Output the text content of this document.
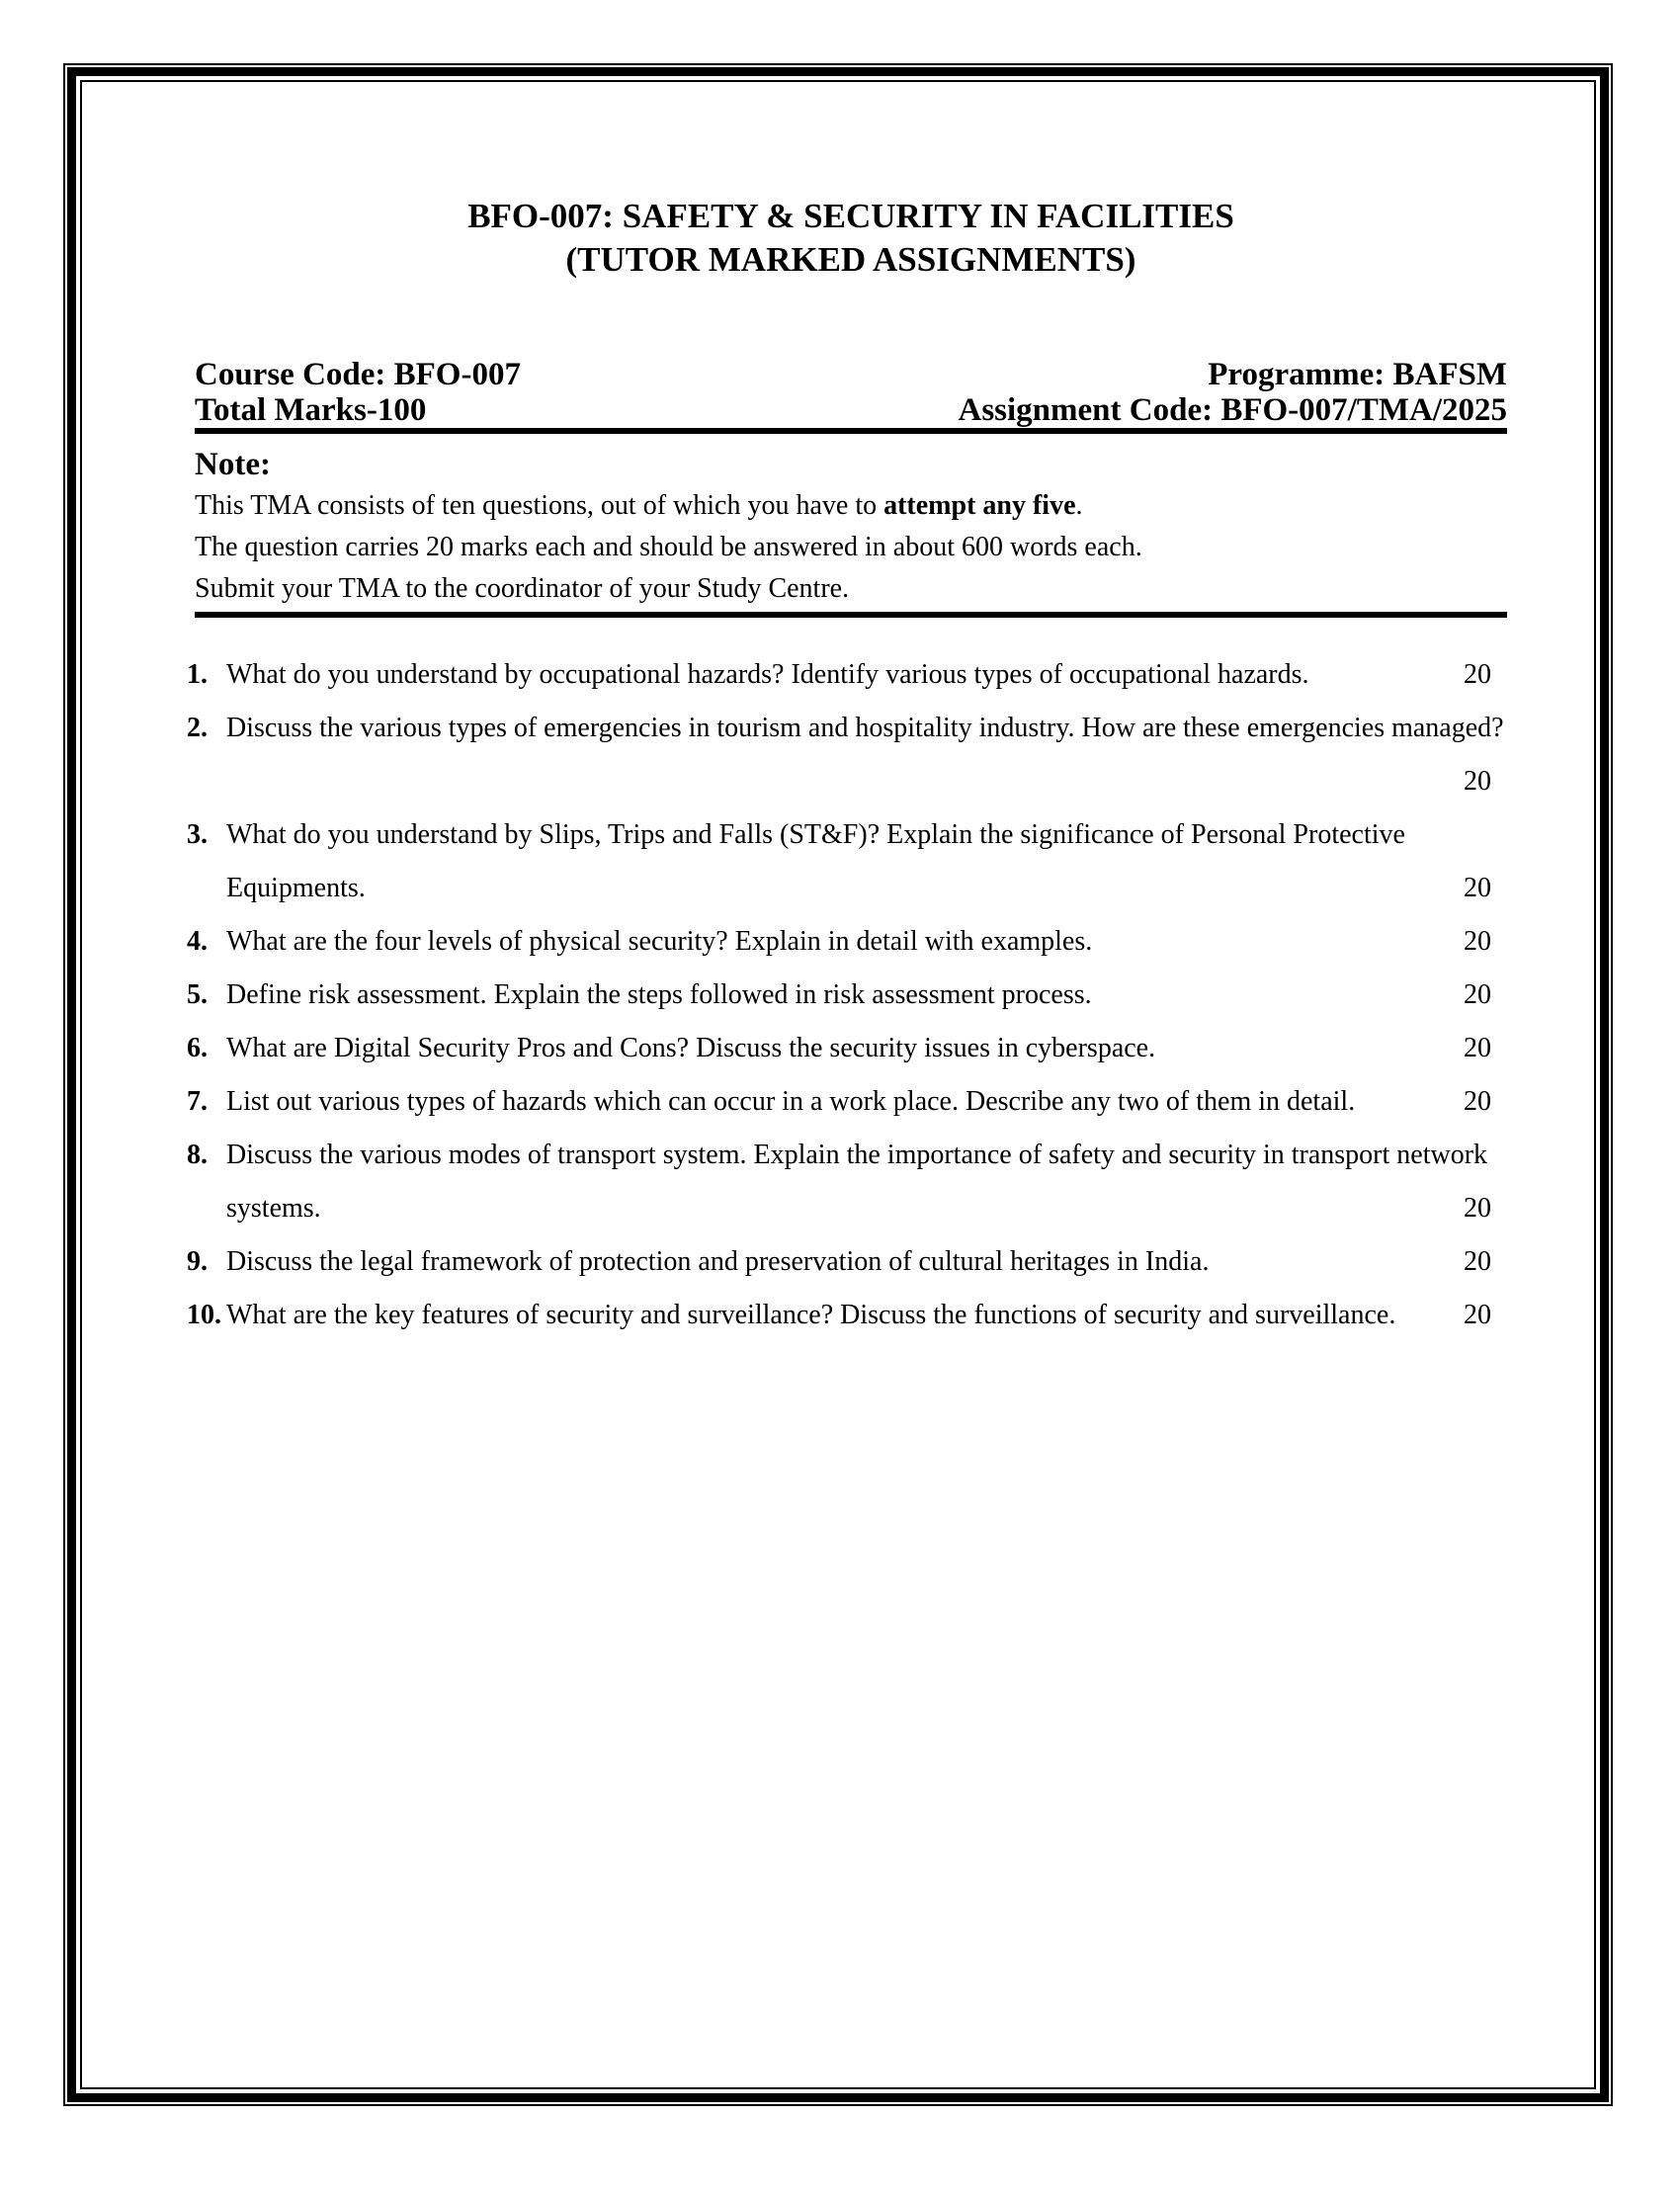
BFO-007: SAFETY & SECURITY IN FACILITIES
(TUTOR MARKED ASSIGNMENTS)
Course Code: BFO-007	Programme: BAFSM
Total Marks-100	Assignment Code: BFO-007/TMA/2025
Note:
This TMA consists of ten questions, out of which you have to attempt any five.
The question carries 20 marks each and should be answered in about 600 words each.
Submit your TMA to the coordinator of your Study Centre.
1. What do you understand by occupational hazards? Identify various types of occupational hazards.	20
2. Discuss the various types of emergencies in tourism and hospitality industry. How are these emergencies managed?
20
3. What do you understand by Slips, Trips and Falls (ST&F)? Explain the significance of Personal Protective Equipments.	20
4. What are the four levels of physical security? Explain in detail with examples.	20
5. Define risk assessment. Explain the steps followed in risk assessment process.	20
6. What are Digital Security Pros and Cons? Discuss the security issues in cyberspace.	20
7. List out various types of hazards which can occur in a work place. Describe any two of them in detail.	20
8. Discuss the various modes of transport system. Explain the importance of safety and security in transport network systems.	20
9. Discuss the legal framework of protection and preservation of cultural heritages in India.	20
10. What are the key features of security and surveillance? Discuss the functions of security and surveillance. 20
